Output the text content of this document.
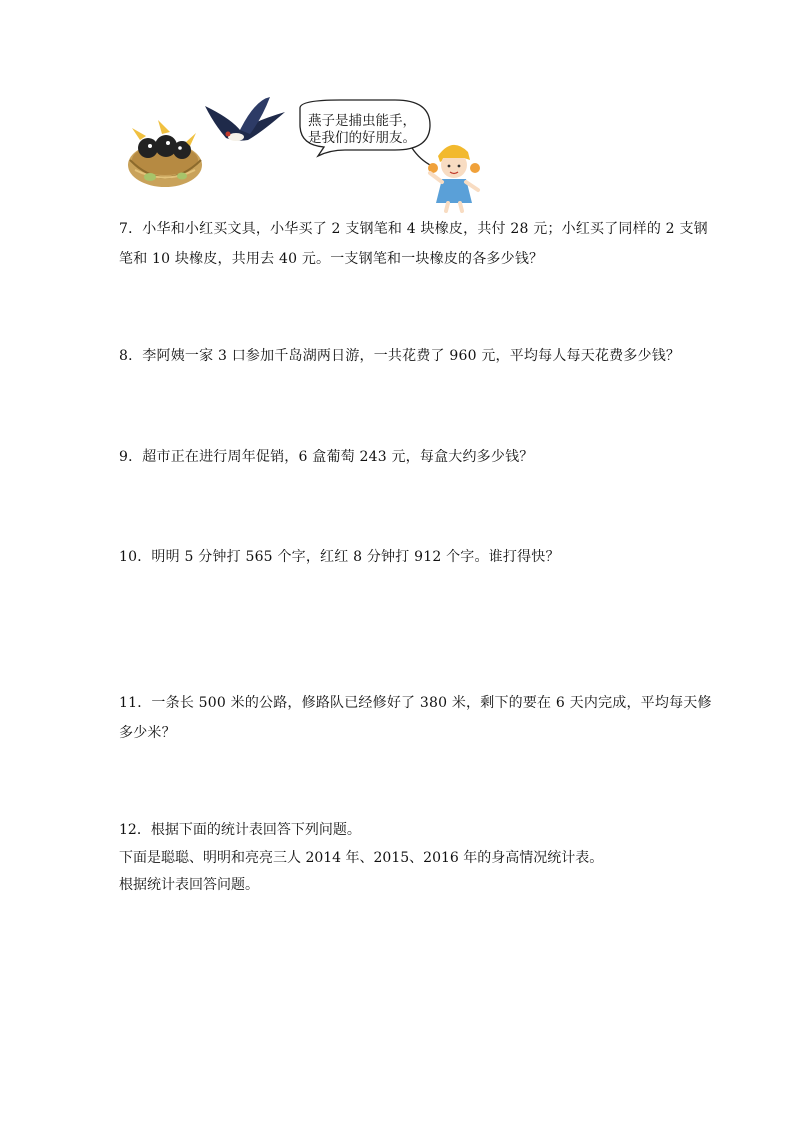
燕子是捕虫能手，
是我们的好朋友。
7．小华和小红买文具，小华买了 2 支钢笔和 4 块橡皮，共付 28 元；小红买了同样的 2 支钢
笔和 10 块橡皮，共用去 40 元。一支钢笔和一块橡皮的各多少钱？
8．李阿姨一家 3 口参加千岛湖两日游，一共花费了 960 元，平均每人每天花费多少钱？
9．超市正在进行周年促销，6 盒葡萄 243 元，每盒大约多少钱？
10．明明 5 分钟打 565 个字，红红 8 分钟打 912 个字。谁打得快？
11．一条长 500 米的公路，修路队已经修好了 380 米，剩下的要在 6 天内完成，平均每天修
多少米？
12．根据下面的统计表回答下列问题。
下面是聪聪、明明和亮亮三人 2014 年、2015、2016 年的身高情况统计表。
根据统计表回答问题。
